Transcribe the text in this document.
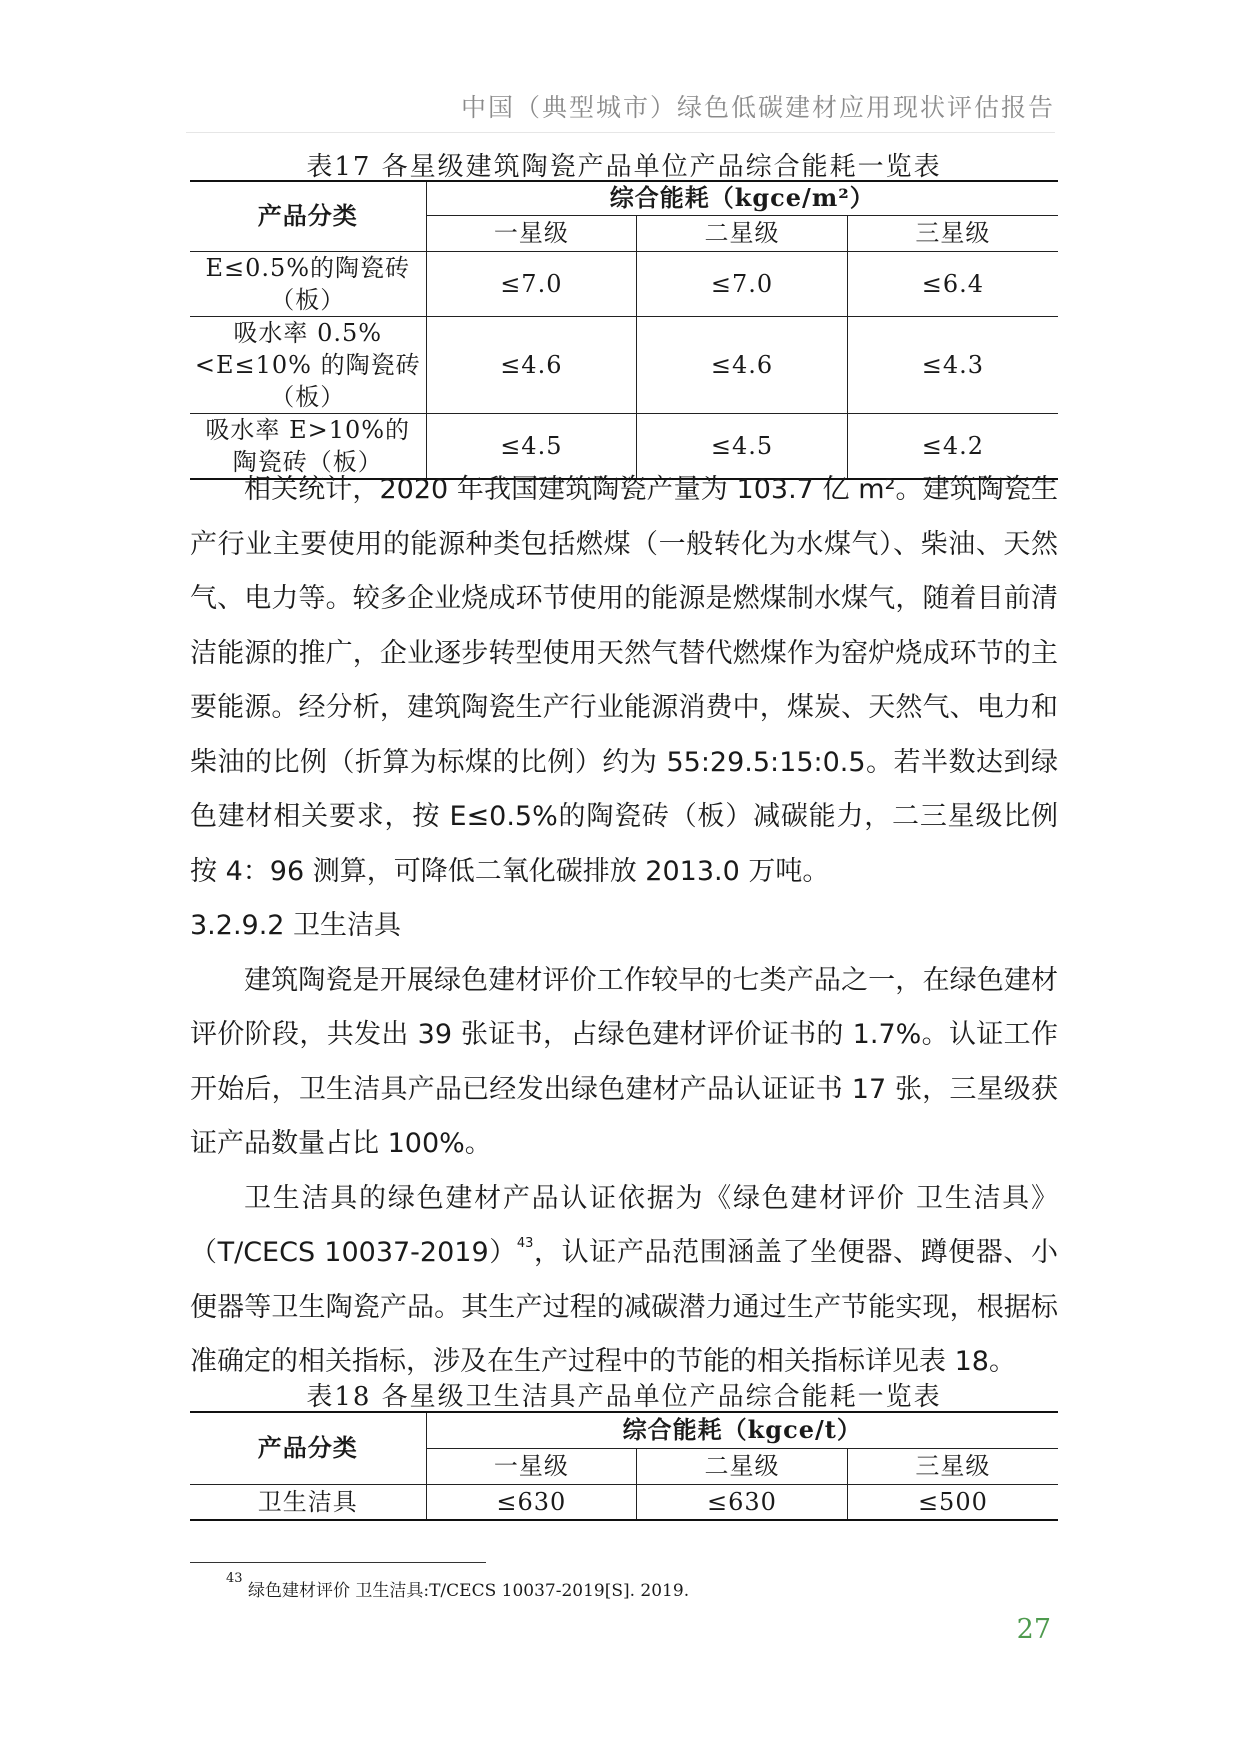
中国（典型城市）绿色低碳建材应用现状评估报告
表17 各星级建筑陶瓷产品单位产品综合能耗一览表
产品分类	综合能耗（kgce/m²）		
	一星级	二星级	三星级
E≤0.5%的陶瓷砖（板）	≤7.0	≤7.0	≤6.4
吸水率 0.5%<E≤10% 的陶瓷砖（板）	≤4.6	≤4.6	≤4.3
吸水率 E>10%的陶瓷砖（板）	≤4.5	≤4.5	≤4.2

相关统计，2020 年我国建筑陶瓷产量为 103.7 亿 m²。建筑陶瓷生产行业主要使用的能源种类包括燃煤（一般转化为水煤气）、柴油、天然气、电力等。较多企业烧成环节使用的能源是燃煤制水煤气，随着目前清洁能源的推广，企业逐步转型使用天然气替代燃煤作为窑炉烧成环节的主要能源。经分析，建筑陶瓷生产行业能源消费中，煤炭、天然气、电力和柴油的比例（折算为标煤的比例）约为 55:29.5:15:0.5。若半数达到绿色建材相关要求，按 E≤0.5%的陶瓷砖（板）减碳能力，二三星级比例按 4：96 测算，可降低二氧化碳排放 2013.0 万吨。

3.2.9.2 卫生洁具

建筑陶瓷是开展绿色建材评价工作较早的七类产品之一，在绿色建材评价阶段，共发出 39 张证书，占绿色建材评价证书的 1.7%。认证工作开始后，卫生洁具产品已经发出绿色建材产品认证证书 17 张，三星级获证产品数量占比 100%。

卫生洁具的绿色建材产品认证依据为《绿色建材评价 卫生洁具》（T/CECS 10037-2019）$^{43}$，认证产品范围涵盖了坐便器、蹲便器、小便器等卫生陶瓷产品。其生产过程的减碳潜力通过生产节能实现，根据标准确定的相关指标，涉及在生产过程中的节能的相关指标详见表 18。

表18 各星级卫生洁具产品单位产品综合能耗一览表
产品分类	综合能耗（kgce/t）		
	一星级	二星级	三星级
卫生洁具	≤630	≤630	≤500
$^{43}$ 绿色建材评价 卫生洁具:T/CECS 10037-2019[S]. 2019.
27
